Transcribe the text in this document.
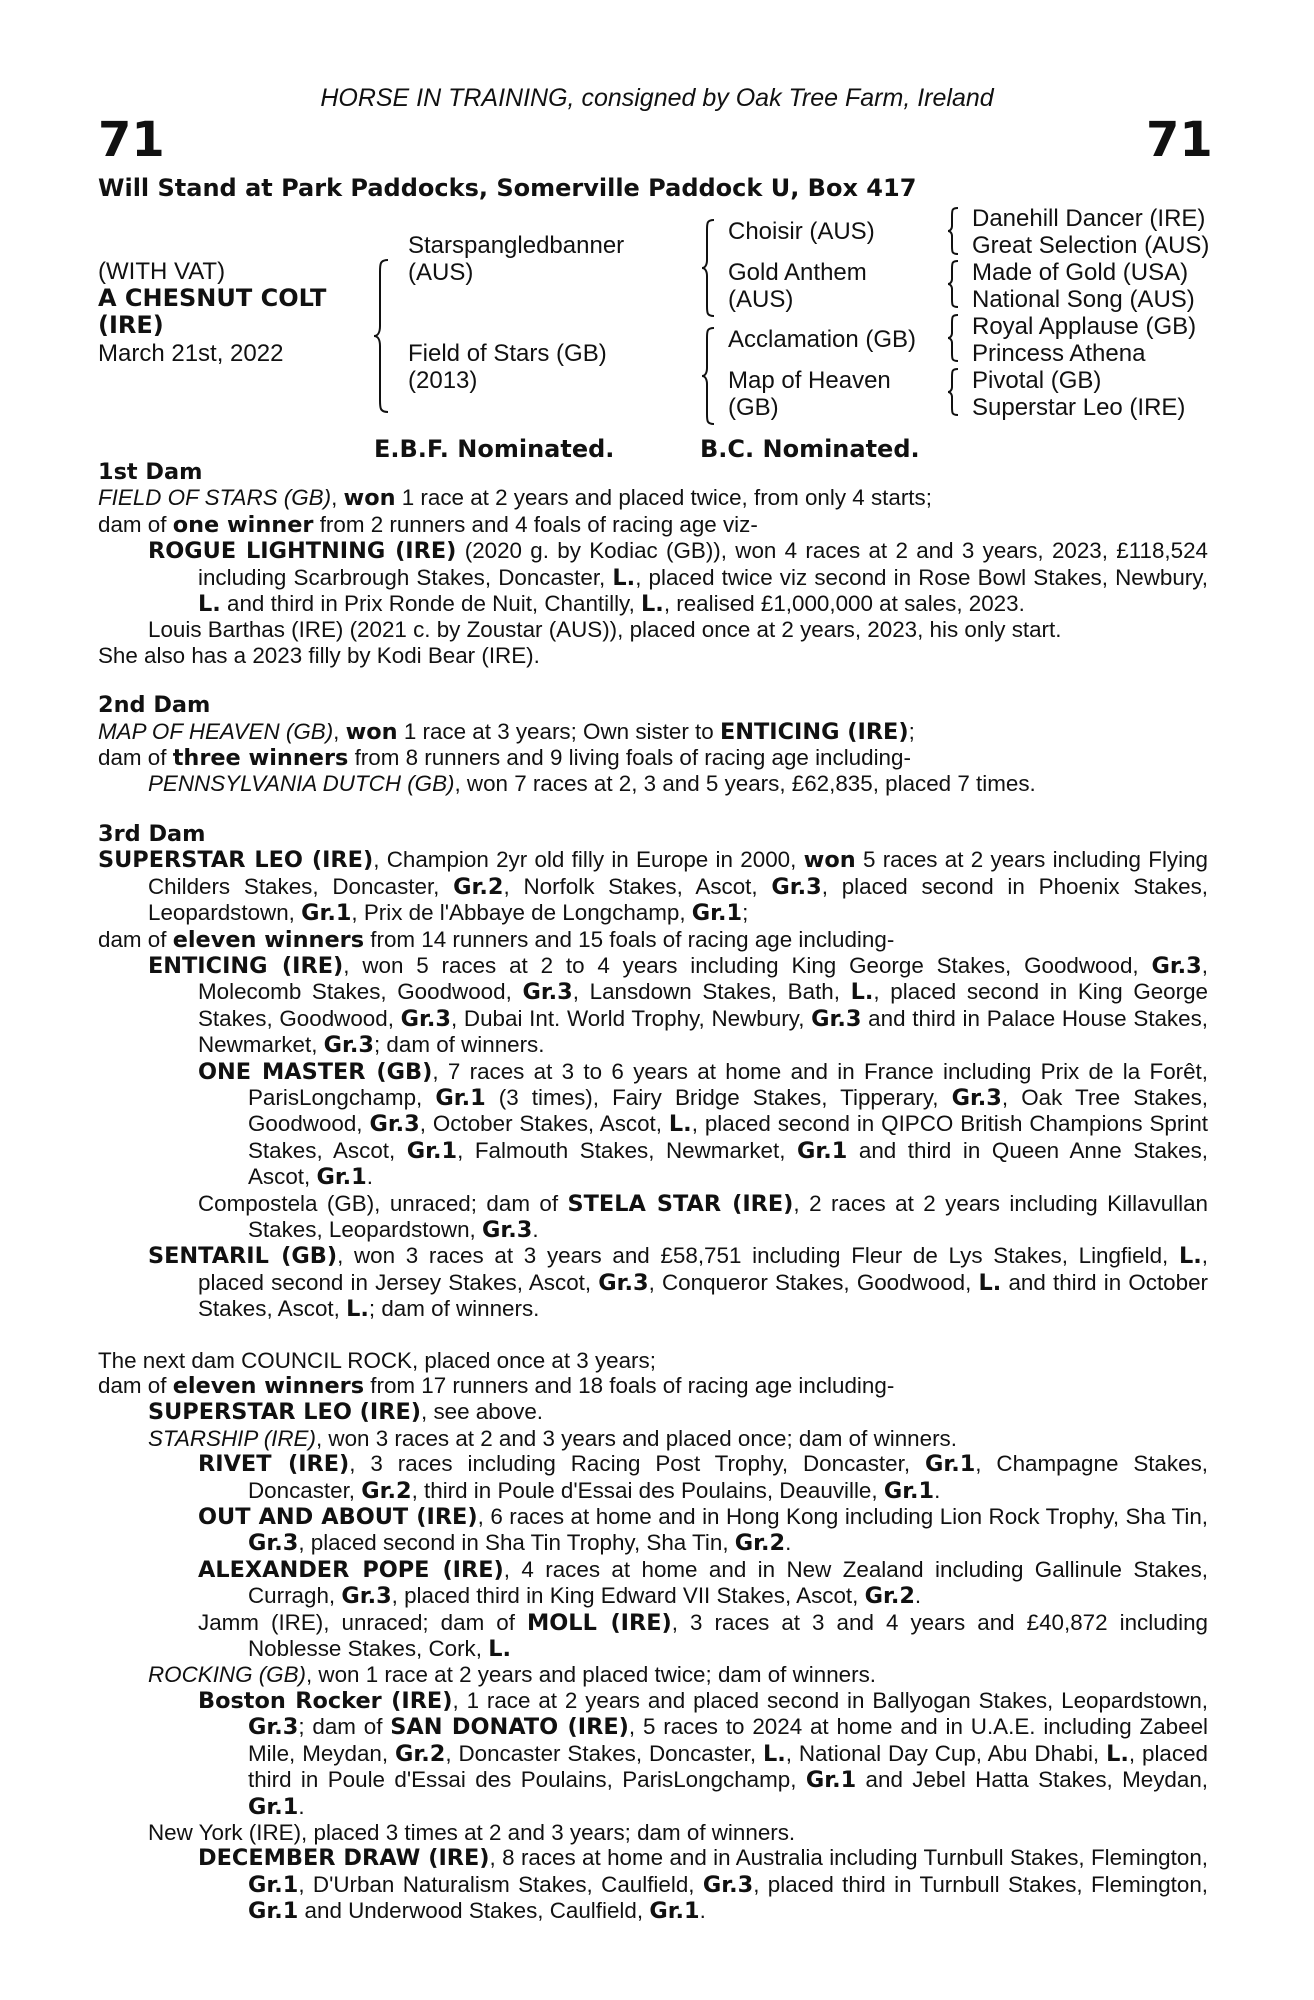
HORSE IN TRAINING, consigned by Oak Tree Farm, Ireland
71	71
Will Stand at Park Paddocks, Somerville Paddock U, Box 417
(WITH VAT)
A CHESNUT COLT
(IRE)
March 21st, 2022
Starspangledbanner
(AUS)
Field of Stars (GB)
(2013)
Choisir (AUS)
Gold Anthem
(AUS)
Acclamation (GB)
Map of Heaven
(GB)
Danehill Dancer (IRE)
Great Selection (AUS)
Made of Gold (USA)
National Song (AUS)
Royal Applause (GB)
Princess Athena
Pivotal (GB)
Superstar Leo (IRE)
E.B.F. Nominated.	B.C. Nominated.

1st Dam

FIELD OF STARS (GB), won 1 race at 2 years and placed twice, from only 4 starts;

dam of one winner from 2 runners and 4 foals of racing age viz-

ROGUE LIGHTNING (IRE) (2020 g. by Kodiac (GB)), won 4 races at 2 and 3 years, 2023, £118,524 including Scarbrough Stakes, Doncaster, L., placed twice viz second in Rose Bowl Stakes, Newbury, L. and third in Prix Ronde de Nuit, Chantilly, L., realised £1,000,000 at sales, 2023.

Louis Barthas (IRE) (2021 c. by Zoustar (AUS)), placed once at 2 years, 2023, his only start.

She also has a 2023 filly by Kodi Bear (IRE).

2nd Dam

MAP OF HEAVEN (GB), won 1 race at 3 years; Own sister to ENTICING (IRE);

dam of three winners from 8 runners and 9 living foals of racing age including-

PENNSYLVANIA DUTCH (GB), won 7 races at 2, 3 and 5 years, £62,835, placed 7 times.

3rd Dam

SUPERSTAR LEO (IRE), Champion 2yr old filly in Europe in 2000, won 5 races at 2 years including Flying Childers Stakes, Doncaster, Gr.2, Norfolk Stakes, Ascot, Gr.3, placed second in Phoenix Stakes, Leopardstown, Gr.1, Prix de l'Abbaye de Longchamp, Gr.1;

dam of eleven winners from 14 runners and 15 foals of racing age including-

ENTICING (IRE), won 5 races at 2 to 4 years including King George Stakes, Goodwood, Gr.3, Molecomb Stakes, Goodwood, Gr.3, Lansdown Stakes, Bath, L., placed second in King George Stakes, Goodwood, Gr.3, Dubai Int. World Trophy, Newbury, Gr.3 and third in Palace House Stakes, Newmarket, Gr.3; dam of winners.

ONE MASTER (GB), 7 races at 3 to 6 years at home and in France including Prix de la Forêt, ParisLongchamp, Gr.1 (3 times), Fairy Bridge Stakes, Tipperary, Gr.3, Oak Tree Stakes, Goodwood, Gr.3, October Stakes, Ascot, L., placed second in QIPCO British Champions Sprint Stakes, Ascot, Gr.1, Falmouth Stakes, Newmarket, Gr.1 and third in Queen Anne Stakes, Ascot, Gr.1.

Compostela (GB), unraced; dam of STELA STAR (IRE), 2 races at 2 years including Killavullan Stakes, Leopardstown, Gr.3.

SENTARIL (GB), won 3 races at 3 years and £58,751 including Fleur de Lys Stakes, Lingfield, L., placed second in Jersey Stakes, Ascot, Gr.3, Conqueror Stakes, Goodwood, L. and third in October Stakes, Ascot, L.; dam of winners.

The next dam COUNCIL ROCK, placed once at 3 years;

dam of eleven winners from 17 runners and 18 foals of racing age including-

SUPERSTAR LEO (IRE), see above.

STARSHIP (IRE), won 3 races at 2 and 3 years and placed once; dam of winners.

RIVET (IRE), 3 races including Racing Post Trophy, Doncaster, Gr.1, Champagne Stakes, Doncaster, Gr.2, third in Poule d'Essai des Poulains, Deauville, Gr.1.

OUT AND ABOUT (IRE), 6 races at home and in Hong Kong including Lion Rock Trophy, Sha Tin, Gr.3, placed second in Sha Tin Trophy, Sha Tin, Gr.2.

ALEXANDER POPE (IRE), 4 races at home and in New Zealand including Gallinule Stakes, Curragh, Gr.3, placed third in King Edward VII Stakes, Ascot, Gr.2.

Jamm (IRE), unraced; dam of MOLL (IRE), 3 races at 3 and 4 years and £40,872 including Noblesse Stakes, Cork, L.

ROCKING (GB), won 1 race at 2 years and placed twice; dam of winners.

Boston Rocker (IRE), 1 race at 2 years and placed second in Ballyogan Stakes, Leopardstown, Gr.3; dam of SAN DONATO (IRE), 5 races to 2024 at home and in U.A.E. including Zabeel Mile, Meydan, Gr.2, Doncaster Stakes, Doncaster, L., National Day Cup, Abu Dhabi, L., placed third in Poule d'Essai des Poulains, ParisLongchamp, Gr.1 and Jebel Hatta Stakes, Meydan, Gr.1.

New York (IRE), placed 3 times at 2 and 3 years; dam of winners.

DECEMBER DRAW (IRE), 8 races at home and in Australia including Turnbull Stakes, Flemington, Gr.1, D'Urban Naturalism Stakes, Caulfield, Gr.3, placed third in Turnbull Stakes, Flemington, Gr.1 and Underwood Stakes, Caulfield, Gr.1.
